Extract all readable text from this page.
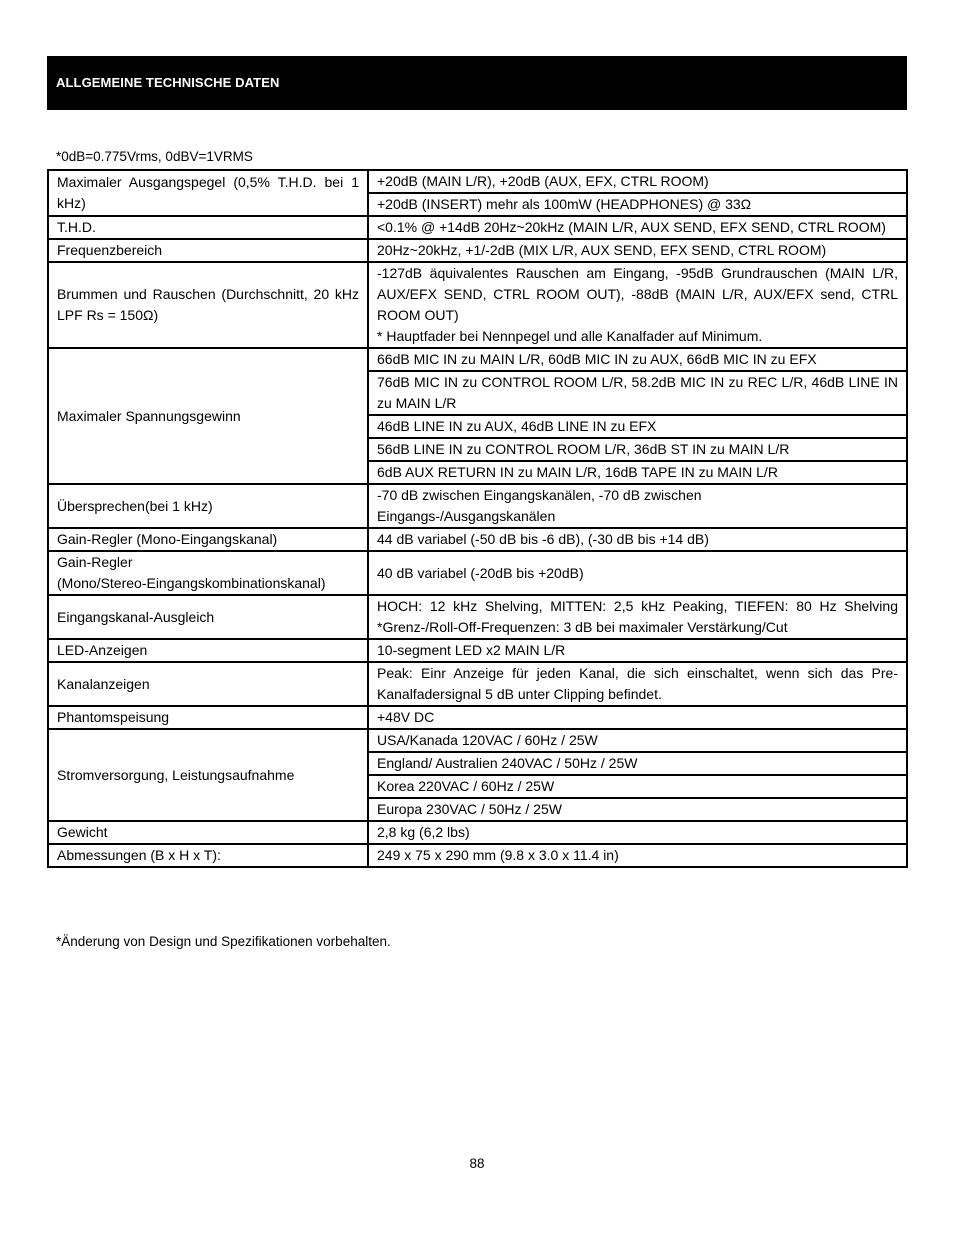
ALLGEMEINE TECHNISCHE DATEN
*0dB=0.775Vrms, 0dBV=1VRMS
Maximaler Ausgangspegel (0,5% T.H.D. bei 1 kHz)	+20dB (MAIN L/R), +20dB (AUX, EFX, CTRL ROOM)
	+20dB (INSERT) mehr als 100mW (HEADPHONES) @ 33Ω
T.H.D.	<0.1% @ +14dB 20Hz~20kHz (MAIN L/R, AUX SEND, EFX SEND, CTRL ROOM)
Frequenzbereich	20Hz~20kHz, +1/-2dB (MIX L/R, AUX SEND, EFX SEND, CTRL ROOM)
Brummen und Rauschen (Durchschnitt, 20 kHz LPF Rs = 150Ω)	-127dB äquivalentes Rauschen am Eingang, -95dB Grundrauschen (MAIN L/R, AUX/EFX SEND, CTRL ROOM OUT), -88dB (MAIN L/R, AUX/EFX send, CTRL ROOM OUT)
* Hauptfader bei Nennpegel und alle Kanalfader auf Minimum.
Maximaler Spannungsgewinn	66dB MIC IN zu MAIN L/R, 60dB MIC IN zu AUX, 66dB MIC IN zu EFX
	76dB MIC IN zu CONTROL ROOM L/R, 58.2dB MIC IN zu REC L/R, 46dB LINE IN zu MAIN L/R
	46dB LINE IN zu AUX, 46dB LINE IN zu EFX
	56dB LINE IN zu CONTROL ROOM L/R, 36dB ST IN zu MAIN L/R
	6dB AUX RETURN IN zu MAIN L/R, 16dB TAPE IN zu MAIN L/R
Übersprechen(bei 1 kHz)	-70 dB zwischen Eingangskanälen, -70 dB zwischen
Eingangs-/Ausgangskanälen
Gain-Regler (Mono-Eingangskanal)	44 dB variabel (-50 dB bis -6 dB), (-30 dB bis +14 dB)
Gain-Regler
(Mono/Stereo-Eingangskombinationskanal)	40 dB variabel (-20dB bis +20dB)
Eingangskanal-Ausgleich	HOCH: 12 kHz Shelving, MITTEN: 2,5 kHz Peaking, TIEFEN: 80 Hz Shelving *Grenz-/Roll-Off-Frequenzen: 3 dB bei maximaler Verstärkung/Cut
LED-Anzeigen	10-segment LED x2 MAIN L/R
Kanalanzeigen	Peak: Einr Anzeige für jeden Kanal, die sich einschaltet, wenn sich das Pre-Kanalfadersignal 5 dB unter Clipping befindet.
Phantomspeisung	+48V DC
Stromversorgung, Leistungsaufnahme	USA/Kanada 120VAC / 60Hz / 25W
	England/ Australien 240VAC / 50Hz / 25W
	Korea 220VAC / 60Hz / 25W
	Europa 230VAC / 50Hz / 25W
Gewicht	2,8 kg (6,2 lbs)
Abmessungen (B x H x T):	249 x 75 x 290 mm (9.8 x 3.0 x 11.4 in)
*Änderung von Design und Spezifikationen vorbehalten.
88
